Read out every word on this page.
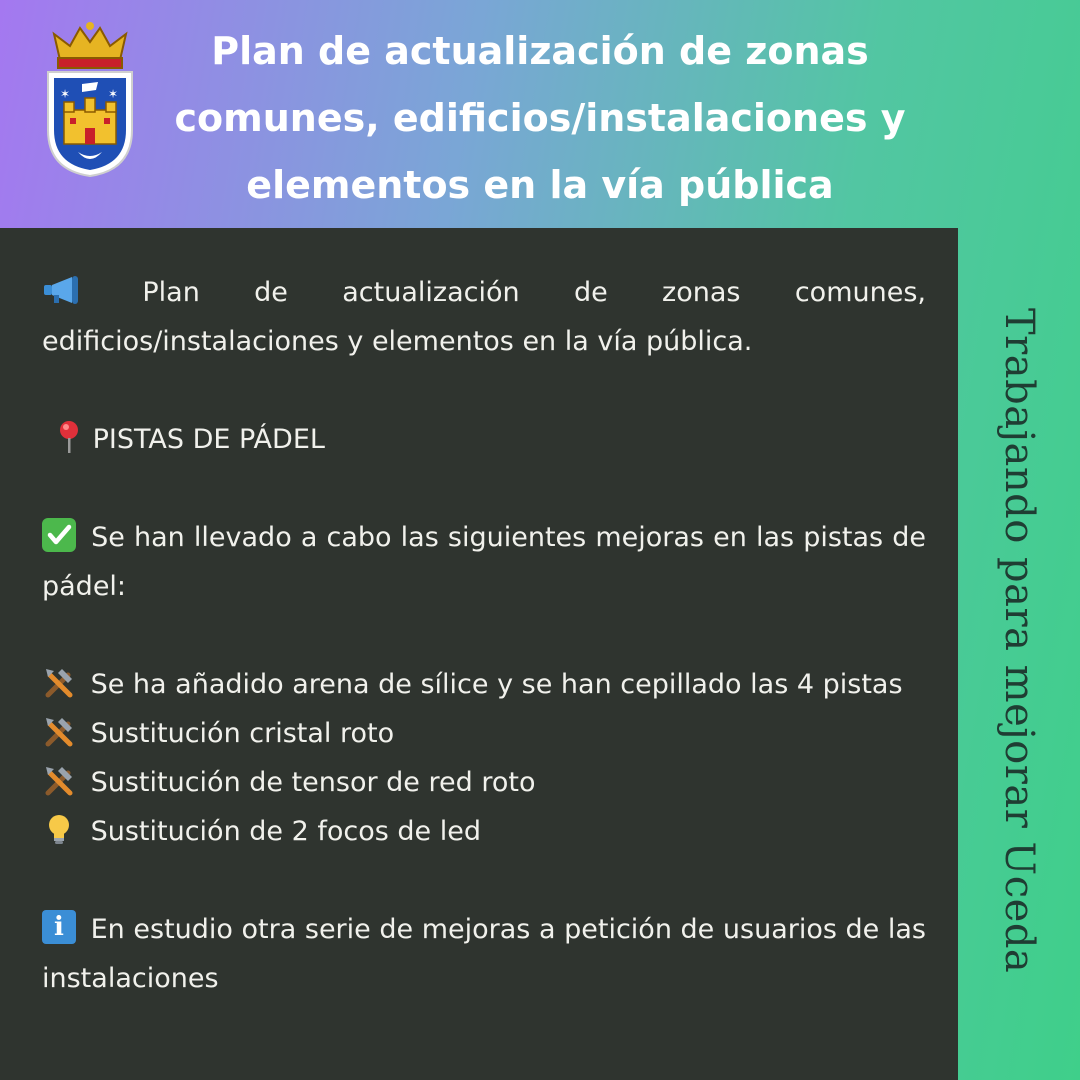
✶	✶
Plan de actualización de zonas
comunes, edificios/instalaciones y
elementos en la vía pública
Trabajando para mejorar Uceda

Plan de actualización de zonas comunes, edificios/instalaciones y elementos en la vía pública.

PISTAS DE PÁDEL

Se han llevado a cabo las siguientes mejoras en las pistas de pádel:

Se ha añadido arena de sílice y se han cepillado las 4 pistas

Sustitución cristal roto

Sustitución de tensor de red roto

Sustitución de 2 focos de led

i En estudio otra serie de mejoras a petición de usuarios de las instalaciones
